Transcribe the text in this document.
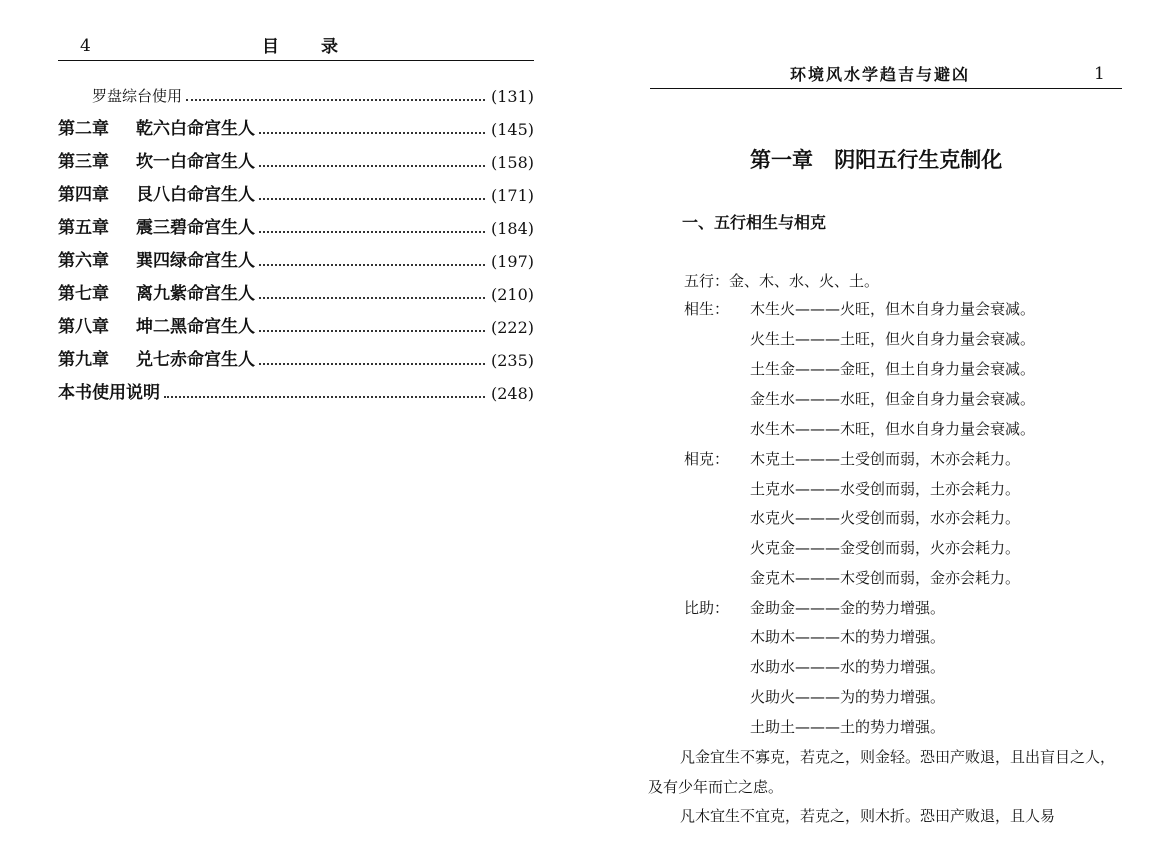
4	目录
罗盘综台使用	(131)
第二章	乾六白命宫生人	(145)
第三章	坎一白命宫生人	(158)
第四章	艮八白命宫生人	(171)
第五章	震三碧命宫生人	(184)
第六章	巽四绿命宫生人	(197)
第七章	离九紫命宫生人	(210)
第八章	坤二黑命宫生人	(222)
第九章	兑七赤命宫生人	(235)
本书使用说明	(248)
环境风水学趋吉与避凶	1
第一章 阴阳五行生克制化
一、五行相生与相克
五行：金、木、水、火、土。
相生： 木生火———火旺，但木自身力量会衰减。
火生土———土旺，但火自身力量会衰减。
土生金———金旺，但土自身力量会衰减。
金生水———水旺，但金自身力量会衰减。
水生木———木旺，但水自身力量会衰减。
相克： 木克土———土受创而弱，木亦会耗力。
土克水———水受创而弱，土亦会耗力。
水克火———火受创而弱，水亦会耗力。
火克金———金受创而弱，火亦会耗力。
金克木———木受创而弱，金亦会耗力。
比助： 金助金———金的势力增强。
木助木———木的势力增强。
水助水———水的势力增强。
火助火———为的势力增强。
土助土———土的势力增强。

凡金宜生不寡克，若克之，则金轻。恐田产败退，且出盲目之人，及有少年而亡之虑。

凡木宜生不宜克，若克之，则木折。恐田产败退，且人易
